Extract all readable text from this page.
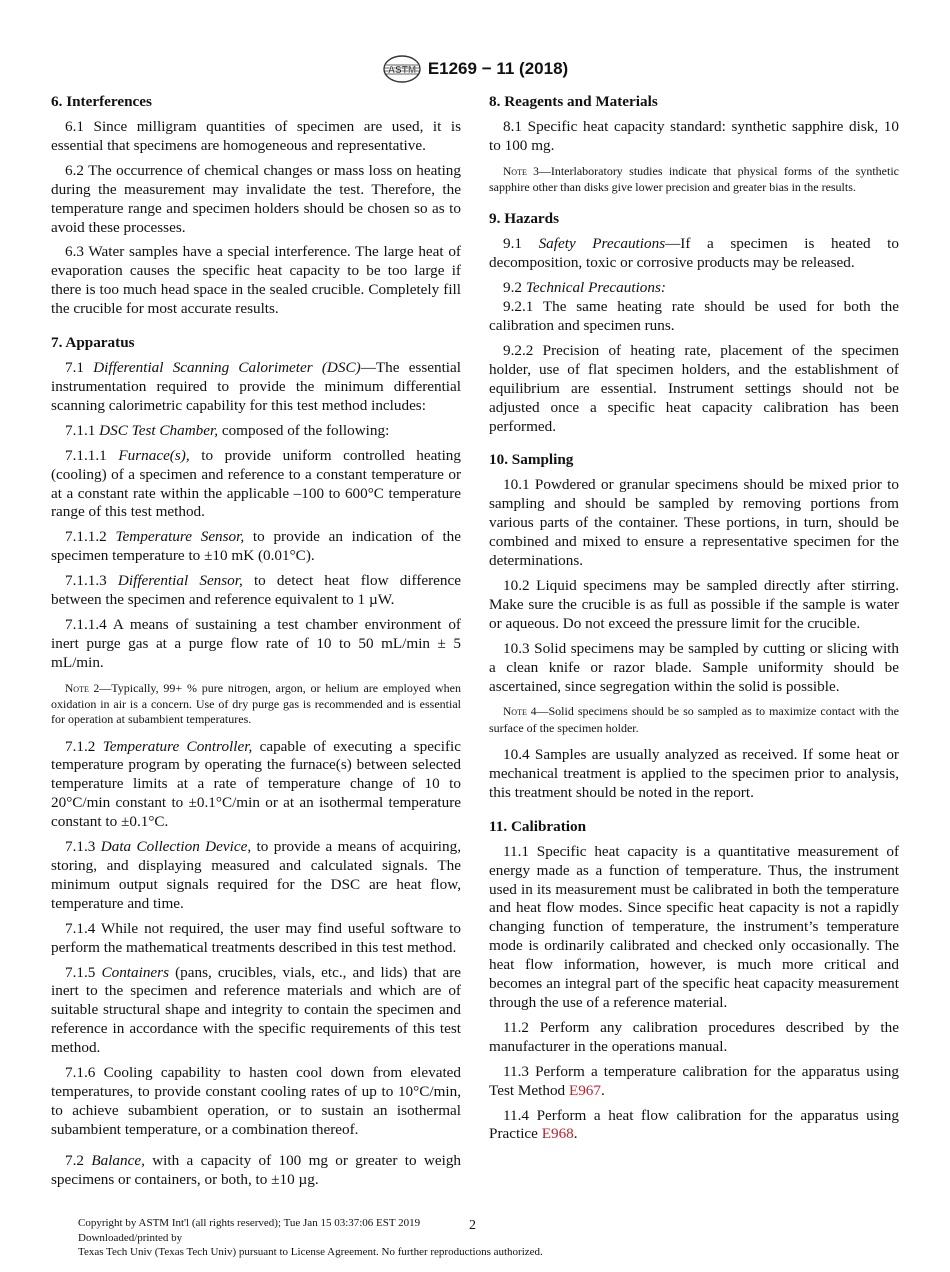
ASTM E1269 − 11 (2018)
6. Interferences

6.1 Since milligram quantities of specimen are used, it is essential that specimens are homogeneous and representative.

6.2 The occurrence of chemical changes or mass loss on heating during the measurement may invalidate the test. Therefore, the temperature range and specimen holders should be chosen so as to avoid these processes.

6.3 Water samples have a special interference. The large heat of evaporation causes the specific heat capacity to be too large if there is too much head space in the sealed crucible. Completely fill the crucible for most accurate results.

7. Apparatus

7.1 Differential Scanning Calorimeter (DSC)—The essential instrumentation required to provide the minimum differential scanning calorimetric capability for this test method includes:

7.1.1 DSC Test Chamber, composed of the following:

7.1.1.1 Furnace(s), to provide uniform controlled heating (cooling) of a specimen and reference to a constant temperature or at a constant rate within the applicable –100 to 600°C temperature range of this test method.

7.1.1.2 Temperature Sensor, to provide an indication of the specimen temperature to ±10 mK (0.01°C).

7.1.1.3 Differential Sensor, to detect heat flow difference between the specimen and reference equivalent to 1 µW.

7.1.1.4 A means of sustaining a test chamber environment of inert purge gas at a purge flow rate of 10 to 50 mL/min ± 5 mL/min.

Note 2—Typically, 99+ % pure nitrogen, argon, or helium are employed when oxidation in air is a concern. Use of dry purge gas is recommended and is essential for operation at subambient temperatures.

7.1.2 Temperature Controller, capable of executing a specific temperature program by operating the furnace(s) between selected temperature limits at a rate of temperature change of 10 to 20°C/min constant to ±0.1°C/min or at an isothermal temperature constant to ±0.1°C.

7.1.3 Data Collection Device, to provide a means of acquiring, storing, and displaying measured and calculated signals. The minimum output signals required for the DSC are heat flow, temperature and time.

7.1.4 While not required, the user may find useful software to perform the mathematical treatments described in this test method.

7.1.5 Containers (pans, crucibles, vials, etc., and lids) that are inert to the specimen and reference materials and which are of suitable structural shape and integrity to contain the specimen and reference in accordance with the specific requirements of this test method.

7.1.6 Cooling capability to hasten cool down from elevated temperatures, to provide constant cooling rates of up to 10°C/min, to achieve subambient operation, or to sustain an isothermal subambient temperature, or a combination thereof.

7.2 Balance, with a capacity of 100 mg or greater to weigh specimens or containers, or both, to ±10 µg.

8. Reagents and Materials

8.1 Specific heat capacity standard: synthetic sapphire disk, 10 to 100 mg.

Note 3—Interlaboratory studies indicate that physical forms of the synthetic sapphire other than disks give lower precision and greater bias in the results.
9. Hazards

9.1 Safety Precautions—If a specimen is heated to decomposition, toxic or corrosive products may be released.

9.2 Technical Precautions:

9.2.1 The same heating rate should be used for both the calibration and specimen runs.

9.2.2 Precision of heating rate, placement of the specimen holder, use of flat specimen holders, and the establishment of equilibrium are essential. Instrument settings should not be adjusted once a specific heat capacity calibration has been performed.

10. Sampling

10.1 Powdered or granular specimens should be mixed prior to sampling and should be sampled by removing portions from various parts of the container. These portions, in turn, should be combined and mixed to ensure a representative specimen for the determinations.

10.2 Liquid specimens may be sampled directly after stirring. Make sure the crucible is as full as possible if the sample is water or aqueous. Do not exceed the pressure limit for the crucible.

10.3 Solid specimens may be sampled by cutting or slicing with a clean knife or razor blade. Sample uniformity should be ascertained, since segregation within the solid is possible.

Note 4—Solid specimens should be so sampled as to maximize contact with the surface of the specimen holder.

10.4 Samples are usually analyzed as received. If some heat or mechanical treatment is applied to the specimen prior to analysis, this treatment should be noted in the report.

11. Calibration

11.1 Specific heat capacity is a quantitative measurement of energy made as a function of temperature. Thus, the instrument used in its measurement must be calibrated in both the temperature and heat flow modes. Since specific heat capacity is not a rapidly changing function of temperature, the instrument’s temperature mode is ordinarily calibrated and checked only occasionally. The heat flow information, however, is much more critical and becomes an integral part of the specific heat capacity measurement through the use of a reference material.

11.2 Perform any calibration procedures described by the manufacturer in the operations manual.

11.3 Perform a temperature calibration for the apparatus using Test Method E967.

11.4 Perform a heat flow calibration for the apparatus using Practice E968.

2
Copyright by ASTM Int'l (all rights reserved); Tue Jan 15 03:37:06 EST 2019
Downloaded/printed by
Texas Tech Univ (Texas Tech Univ) pursuant to License Agreement. No further reproductions authorized.
